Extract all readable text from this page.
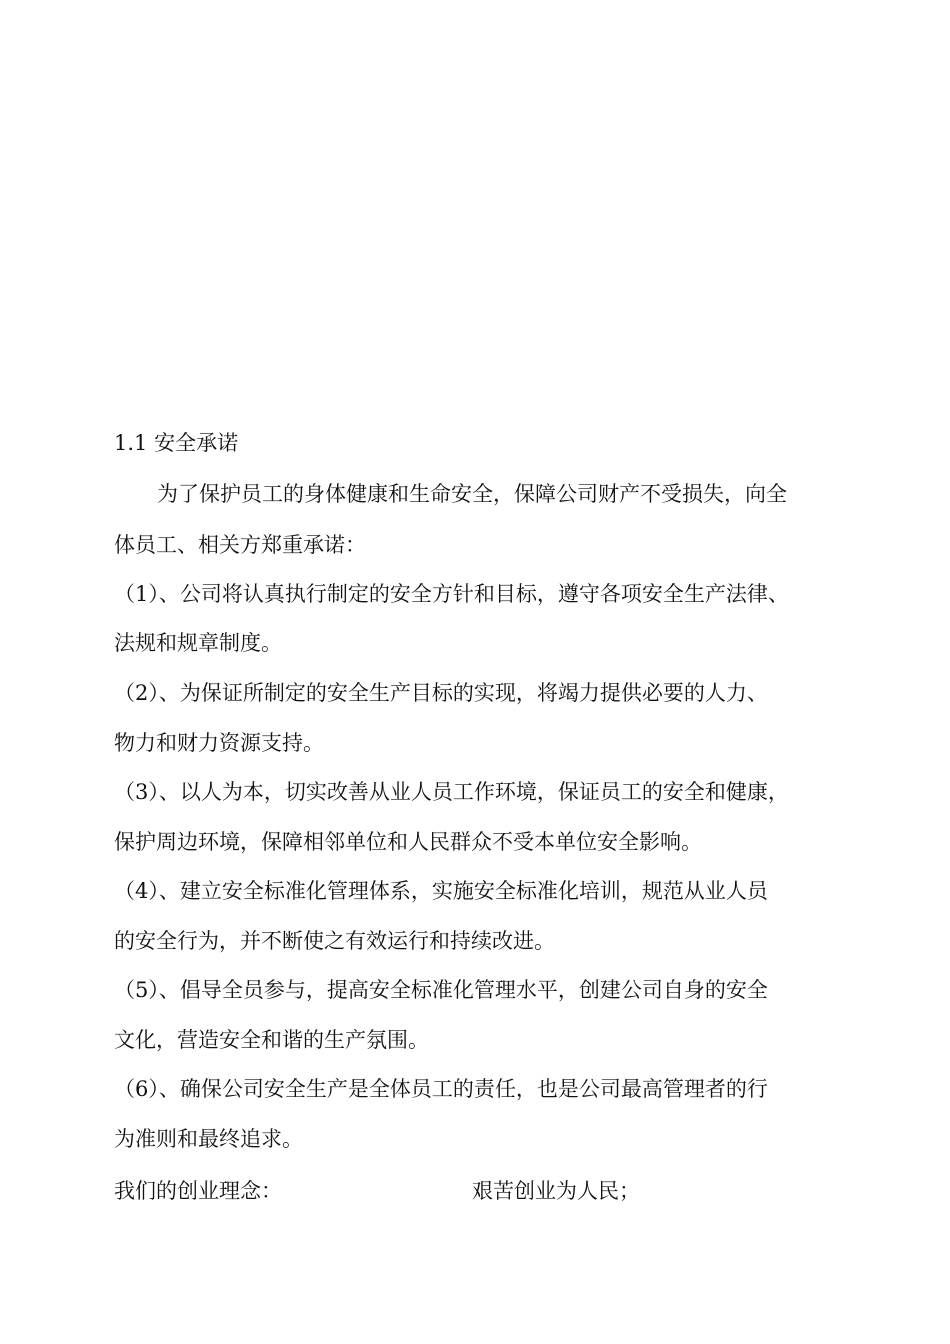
1.1 安全承诺
为了保护员工的身体健康和生命安全，保障公司财产不受损失，向全
体员工、相关方郑重承诺：
（1）、公司将认真执行制定的安全方针和目标，遵守各项安全生产法律、
法规和规章制度。
（2）、为保证所制定的安全生产目标的实现，将竭力提供必要的人力、
物力和财力资源支持。
（3）、以人为本，切实改善从业人员工作环境，保证员工的安全和健康，
保护周边环境，保障相邻单位和人民群众不受本单位安全影响。
（4）、建立安全标准化管理体系，实施安全标准化培训，规范从业人员
的安全行为，并不断使之有效运行和持续改进。
（5）、倡导全员参与，提高安全标准化管理水平，创建公司自身的安全
文化，营造安全和谐的生产氛围。
（6）、确保公司安全生产是全体员工的责任，也是公司最高管理者的行
为准则和最终追求。
我们的创业理念：	艰苦创业为人民；
